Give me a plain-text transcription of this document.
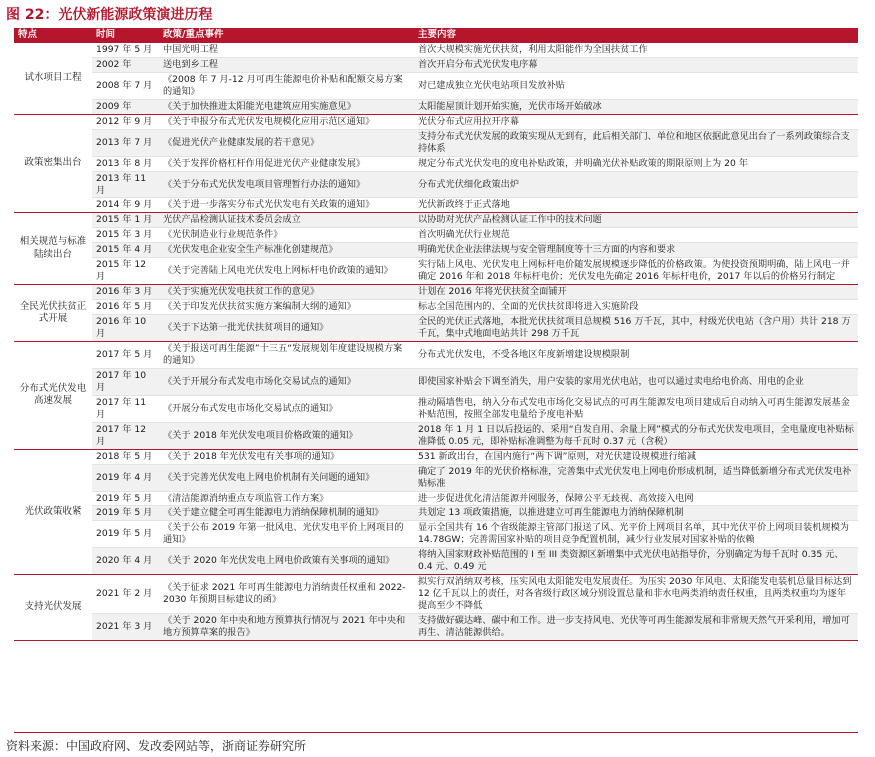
图 22：光伏新能源政策演进历程
特点	时间	政策/重点事件	主要内容
试水项目工程	1997 年 5 月	中国光明工程	首次大规模实施光伏扶贫，利用太阳能作为全国扶贫工作
	2002 年	送电到乡工程	首次开启分布式光伏发电序幕
	2008 年 7 月	《2008 年 7 月-12 月可再生能源电价补贴和配额交易方案的通知》	对已建成独立光伏电站项目发放补贴
	2009 年	《关于加快推进太阳能光电建筑应用实施意见》	太阳能屋顶计划开始实施，光伏市场开始破冰
政策密集出台	2012 年 9 月	《关于申报分布式光伏发电规模化应用示范区通知》	光伏分布式应用拉开序幕
	2013 年 7 月	《促进光伏产业健康发展的若干意见》	支持分布式光伏发展的政策实现从无到有，此后相关部门、单位和地区依据此意见出台了一系列政策综合支持体系
	2013 年 8 月	《关于发挥价格杠杆作用促进光伏产业健康发展》	规定分布式光伏发电的度电补贴政策，并明确光伏补贴政策的期限原则上为 20 年
	2013 年 11 月	《关于分布式光伏发电项目管理暂行办法的通知》	分布式光伏细化政策出炉
	2014 年 9 月	《关于进一步落实分布式光伏发电有关政策的通知》	光伏新政终于正式落地
相关规范与标准陆续出台	2015 年 1 月	光伏产品检测认证技术委员会成立	以协助对光伏产品检测认证工作中的技术问题
	2015 年 3 月	《光伏制造业行业规范条件》	首次明确光伏行业规范
	2015 年 4 月	《光伏发电企业安全生产标准化创建规范》	明确光伏企业法律法规与安全管理制度等十三方面的内容和要求
	2015 年 12 月	《关于完善陆上风电光伏发电上网标杆电价政策的通知》	实行陆上风电、光伏发电上网标杆电价随发展规模逐步降低的价格政策。为使投资预期明确，陆上风电一并确定 2016 年和 2018 年标杆电价；光伏发电先确定 2016 年标杆电价，2017 年以后的价格另行制定
全民光伏扶贫正式开展	2016 年 3 月	《关于实施光伏发电扶贫工作的意见》	计划在 2016 年将光伏扶贫全面铺开
	2016 年 5 月	《关于印发光伏扶贫实施方案编制大纲的通知》	标志全国范围内的、全面的光伏扶贫即将进入实施阶段
	2016 年 10 月	《关于下达第一批光伏扶贫项目的通知》	全民的光伏正式落地，本批光伏扶贫项目总规模 516 万千瓦，其中，村级光伏电站（含户用）共计 218 万千瓦，集中式地面电站共计 298 万千瓦
分布式光伏发电高速发展	2017 年 5 月	《关于报送可再生能源”十三五“发展规划年度建设规模方案的通知》	分布式光伏发电，不受各地区年度新增建设规模限制
	2017 年 10 月	《关于开展分布式发电市场化交易试点的通知》	即使国家补贴会下调至消失，用户安装的家用光伏电站，也可以通过卖电给电价高、用电的企业
	2017 年 11 月	《开展分布式发电市场化交易试点的通知》	推动隔墙售电，纳入分布式发电市场化交易试点的可再生能源发电项目建成后自动纳入可再生能源发展基金补贴范围，按照全部发电量给予度电补贴
	2017 年 12 月	《关于 2018 年光伏发电项目价格政策的通知》	2018 年 1 月 1 日以后投运的、采用“自发自用、余量上网”模式的分布式光伏发电项目，全电量度电补贴标准降低 0.05 元，即补贴标准调整为每千瓦时 0.37 元（含税）
光伏政策收紧	2018 年 5 月	《关于 2018 年光伏发电有关事项的通知》	531 新政出台，在国内施行“两下调”原则，对光伏建设规模进行缩减
	2019 年 4 月	《关于完善光伏发电上网电价机制有关问题的通知》	确定了 2019 年的光伏价格标准，完善集中式光伏发电上网电价形成机制，适当降低新增分布式光伏发电补贴标准
	2019 年 5 月	《清洁能源消纳重点专项监管工作方案》	进一步促进优化清洁能源并网服务，保障公平无歧视、高效接入电网
	2019 年 5 月	《关于建立健全可再生能源电力消纳保障机制的通知》	共划定 13 项政策措施，以推进建立可再生能源电力消纳保障机制
	2019 年 5 月	《关于公布 2019 年第一批风电、光伏发电平价上网项目的通知》	显示全国共有 16 个省级能源主管部门报送了风、光平价上网项目名单，其中光伏平价上网项目装机规模为 14.78GW；完善需国家补贴的项目竞争配置机制，减少行业发展对国家补贴的依赖
	2020 年 4 月	《关于 2020 年光伏发电上网电价政策有关事项的通知》	将纳入国家财政补贴范围的 I 至 III 类资源区新增集中式光伏电站指导价，分别确定为每千瓦时 0.35 元、0.4 元、0.49 元
支持光伏发展	2021 年 2 月	《关于征求 2021 年可再生能源电力消纳责任权重和 2022-2030 年预期目标建议的函》	拟实行双消纳双考核，压实风电太阳能发电发展责任。为压实 2030 年风电、太阳能发电装机总量目标达到 12 亿千瓦以上的责任，对各省级行政区域分别设置总量和非水电两类消纳责任权重，且两类权重均为逐年提高至少不降低
	2021 年 3 月	《关于 2020 年中央和地方预算执行情况与 2021 年中央和地方预算草案的报告》	支持做好碳达峰、碳中和工作。进一步支持风电、光伏等可再生能源发展和非常规天然气开采利用，增加可再生、清洁能源供给。
资料来源：中国政府网、发改委网站等，浙商证券研究所
